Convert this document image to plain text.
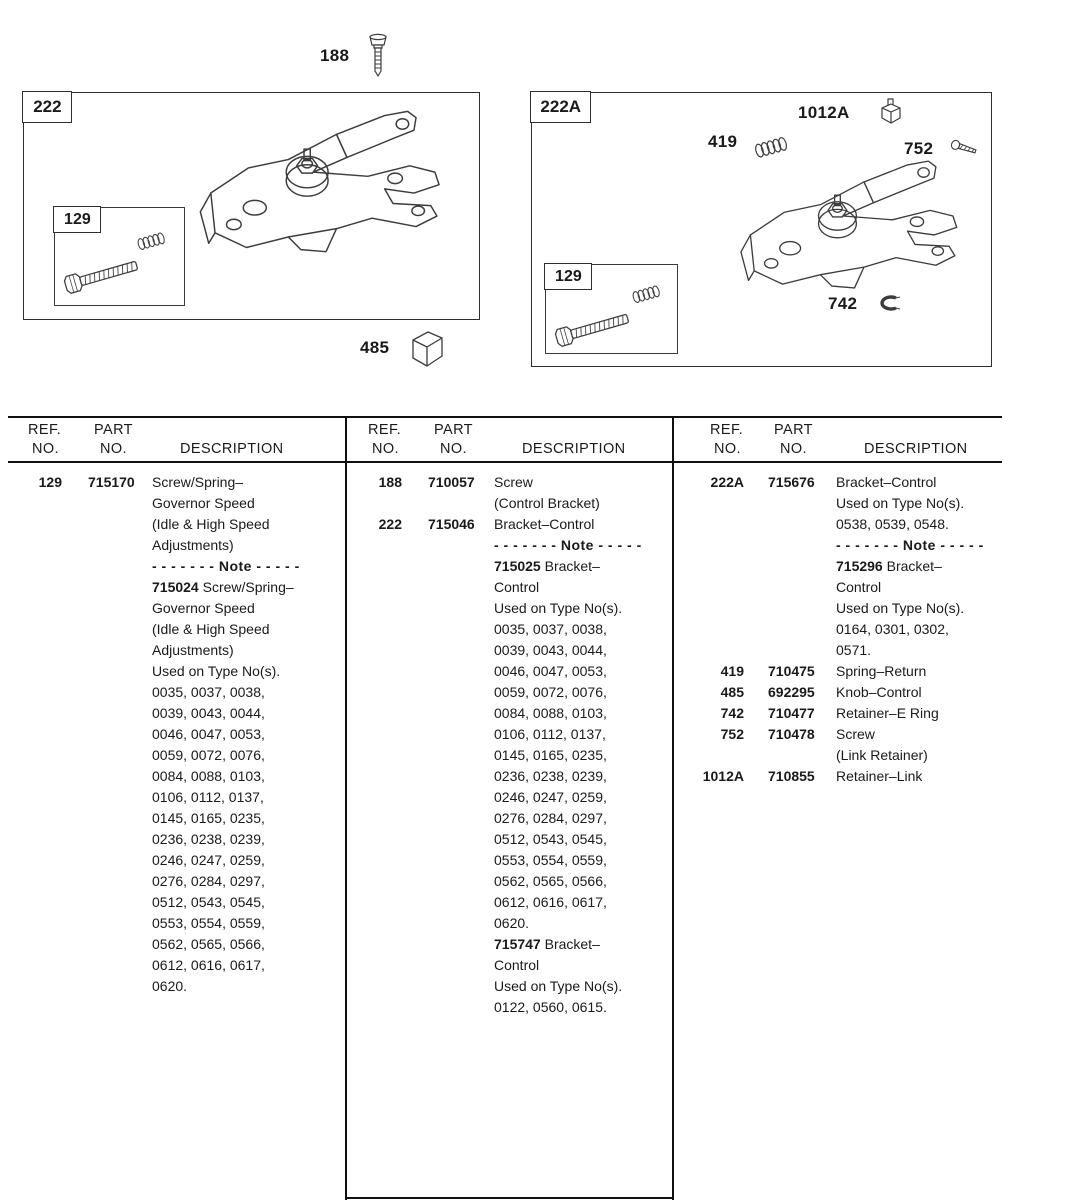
188
222
129
485
222A	1012A
419	752
129
742
REF. PART
NO.	NO.	DESCRIPTION
129 715170 Screw/Spring–
Governor Speed
(Idle & High Speed
Adjustments)
- - - - - - - Note - - - - -
715024 Screw/Spring–
Governor Speed
(Idle & High Speed
Adjustments)
Used on Type No(s).
0035, 0037, 0038,
0039, 0043, 0044,
0046, 0047, 0053,
0059, 0072, 0076,
0084, 0088, 0103,
0106, 0112, 0137,
0145, 0165, 0235,
0236, 0238, 0239,
0246, 0247, 0259,
0276, 0284, 0297,
0512, 0543, 0545,
0553, 0554, 0559,
0562, 0565, 0566,
0612, 0616, 0617,
0620.
REF. PART
NO.	NO.	DESCRIPTION
188 710057 Screw
(Control Bracket)
222 715046 Bracket–Control
- - - - - - - Note - - - - -
715025 Bracket–
Control
Used on Type No(s).
0035, 0037, 0038,
0039, 0043, 0044,
0046, 0047, 0053,
0059, 0072, 0076,
0084, 0088, 0103,
0106, 0112, 0137,
0145, 0165, 0235,
0236, 0238, 0239,
0246, 0247, 0259,
0276, 0284, 0297,
0512, 0543, 0545,
0553, 0554, 0559,
0562, 0565, 0566,
0612, 0616, 0617,
0620.
715747 Bracket–
Control
Used on Type No(s).
0122, 0560, 0615.
REF. PART
NO.	NO.	DESCRIPTION
222A 715676 Bracket–Control
Used on Type No(s).
0538, 0539, 0548.
- - - - - - - Note - - - - -
715296 Bracket–
Control
Used on Type No(s).
0164, 0301, 0302,
0571.
419 710475 Spring–Return
485 692295 Knob–Control
742 710477 Retainer–E Ring
752 710478 Screw
(Link Retainer)
1012A 710855 Retainer–Link
